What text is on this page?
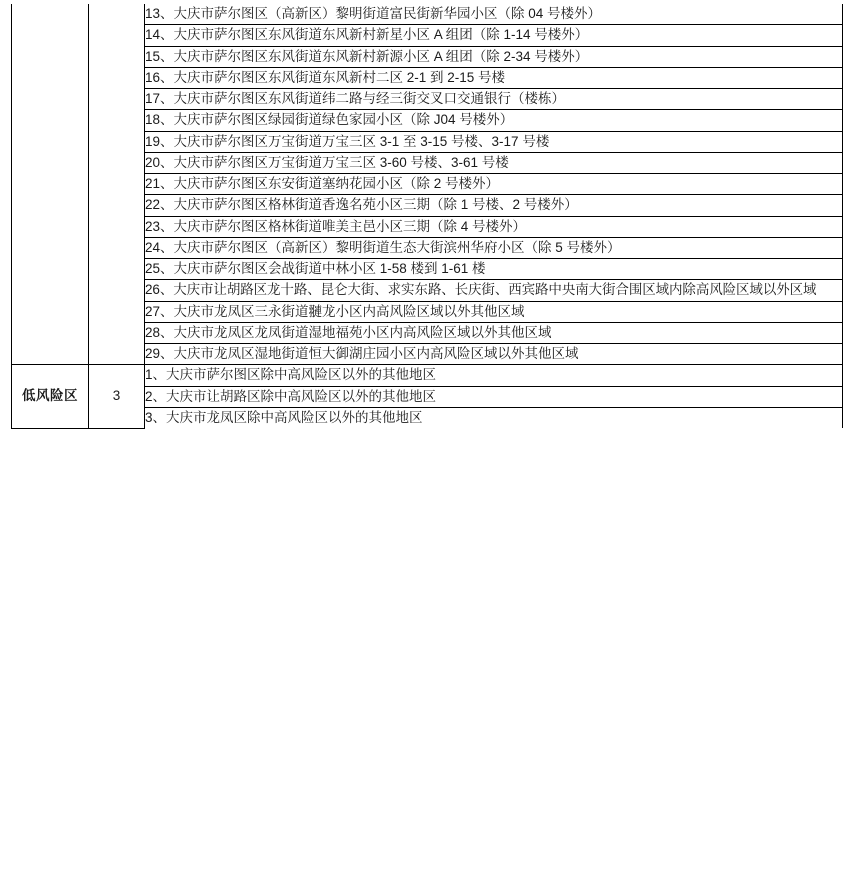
		13、大庆市萨尔图区（高新区）黎明街道富民街新华园小区（除 04 号楼外）
		14、大庆市萨尔图区东风街道东风新村新星小区 A 组团（除 1-14 号楼外）
		15、大庆市萨尔图区东风街道东风新村新源小区 A 组团（除 2-34 号楼外）
		16、大庆市萨尔图区东风街道东风新村二区 2-1 到 2-15 号楼
		17、大庆市萨尔图区东风街道纬二路与经三街交叉口交通银行（楼栋）
		18、大庆市萨尔图区绿园街道绿色家园小区（除 J04 号楼外）
		19、大庆市萨尔图区万宝街道万宝三区 3-1 至 3-15 号楼、3-17 号楼
		20、大庆市萨尔图区万宝街道万宝三区 3-60 号楼、3-61 号楼
		21、大庆市萨尔图区东安街道塞纳花园小区（除 2 号楼外）
		22、大庆市萨尔图区格林街道香逸名苑小区三期（除 1 号楼、2 号楼外）
		23、大庆市萨尔图区格林街道唯美主邑小区三期（除 4 号楼外）
		24、大庆市萨尔图区（高新区）黎明街道生态大街滨州华府小区（除 5 号楼外）
		25、大庆市萨尔图区会战街道中林小区 1-58 楼到 1-61 楼
		26、大庆市让胡路区龙十路、昆仑大街、求实东路、长庆街、西宾路中央南大街合围区域内除高风险区域以外区域
		27、大庆市龙凤区三永街道翴龙小区内高风险区域以外其他区域
		28、大庆市龙凤区龙凤街道湿地福苑小区内高风险区域以外其他区域
		29、大庆市龙凤区湿地街道恒大御湖庄园小区内高风险区域以外其他区域
低风险区	3	1、大庆市萨尔图区除中高风险区以外的其他地区
		2、大庆市让胡路区除中高风险区以外的其他地区
		3、大庆市龙凤区除中高风险区以外的其他地区
